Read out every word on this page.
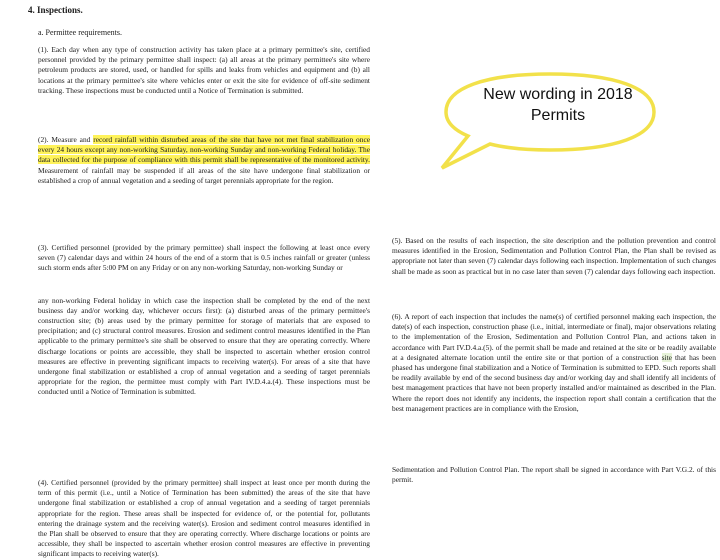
4. Inspections.
a. Permittee requirements.

(1). Each day when any type of construction activity has taken place at a primary permittee's site, certified personnel provided by the primary permittee shall inspect: (a) all areas at the primary permittee's site where petroleum products are stored, used, or handled for spills and leaks from vehicles and equipment and (b) all locations at the primary permittee's site where vehicles enter or exit the site for evidence of off-site sediment tracking. These inspections must be conducted until a Notice of Termination is submitted.

(2). Measure and record rainfall within disturbed areas of the site that have not met final stabilization once every 24 hours except any non-working Saturday, non-working Sunday and non-working Federal holiday. The data collected for the purpose of compliance with this permit shall be representative of the monitored activity. Measurement of rainfall may be suspended if all areas of the site have undergone final stabilization or established a crop of annual vegetation and a seeding of target perennials appropriate for the region.

(3). Certified personnel (provided by the primary permittee) shall inspect the following at least once every seven (7) calendar days and within 24 hours of the end of a storm that is 0.5 inches rainfall or greater (unless such storm ends after 5:00 PM on any Friday or on any non-working Saturday, non-working Sunday or
any non-working Federal holiday in which case the inspection shall be completed by the end of the next business day and/or working day, whichever occurs first): (a) disturbed areas of the primary permittee's construction site; (b) areas used by the primary permittee for storage of materials that are exposed to precipitation; and (c) structural control measures. Erosion and sediment control measures identified in the Plan applicable to the primary permittee's site shall be observed to ensure that they are operating correctly. Where discharge locations or points are accessible, they shall be inspected to ascertain whether erosion control measures are effective in preventing significant impacts to receiving water(s). For areas of a site that have undergone final stabilization or established a crop of annual vegetation and a seeding of target perennials appropriate for the region, the permittee must comply with Part IV.D.4.a.(4). These inspections must be conducted until a Notice of Termination is submitted.

(4). Certified personnel (provided by the primary permittee) shall inspect at least once per month during the term of this permit (i.e., until a Notice of Termination has been submitted) the areas of the site that have undergone final stabilization or established a crop of annual vegetation and a seeding of target perennials appropriate for the region. These areas shall be inspected for evidence of, or the potential for, pollutants entering the drainage system and the receiving water(s). Erosion and sediment control measures identified in the Plan shall be observed to ensure that they are operating correctly. Where discharge locations or points are accessible, they shall be inspected to ascertain whether erosion control measures are effective in preventing significant impacts to receiving water(s).

(5). Based on the results of each inspection, the site description and the pollution prevention and control measures identified in the Erosion, Sedimentation and Pollution Control Plan, the Plan shall be revised as appropriate not later than seven (7) calendar days following each inspection. Implementation of such changes shall be made as soon as practical but in no case later than seven (7) calendar days following each inspection.

(6). A report of each inspection that includes the name(s) of certified personnel making each inspection, the date(s) of each inspection, construction phase (i.e., initial, intermediate or final), major observations relating to the implementation of the Erosion, Sedimentation and Pollution Control Plan, and actions taken in accordance with Part IV.D.4.a.(5). of the permit shall be made and retained at the site or be readily available at a designated alternate location until the entire site or that portion of a construction site that has been phased has undergone final stabilization and a Notice of Termination is submitted to EPD. Such reports shall be readily available by end of the second business day and/or working day and shall identify all incidents of best management practices that have not been properly installed and/or maintained as described in the Plan. Where the report does not identify any incidents, the inspection report shall contain a certification that the best management practices are in compliance with the Erosion,

Sedimentation and Pollution Control Plan. The report shall be signed in accordance with Part V.G.2. of this permit.

New wording in 2018 Permits
